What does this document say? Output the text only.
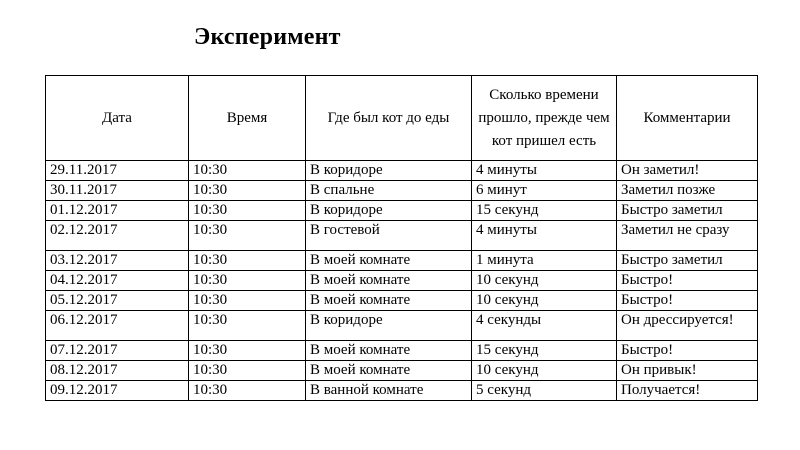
Эксперимент
Дата	Время	Где был кот до еды	Сколько времени прошло, прежде чем кот пришел есть	Комментарии
29.11.2017	10:30	В коридоре	4 минуты	Он заметил!
30.11.2017	10:30	В спальне	6 минут	Заметил позже
01.12.2017	10:30	В коридоре	15 секунд	Быстро заметил
02.12.2017	10:30	В гостевой	4 минуты	Заметил не сразу
03.12.2017	10:30	В моей комнате	1 минута	Быстро заметил
04.12.2017	10:30	В моей комнате	10 секунд	Быстро!
05.12.2017	10:30	В моей комнате	10 секунд	Быстро!
06.12.2017	10:30	В коридоре	4 секунды	Он дрессируется!
07.12.2017	10:30	В моей комнате	15 секунд	Быстро!
08.12.2017	10:30	В моей комнате	10 секунд	Он привык!
09.12.2017	10:30	В ванной комнате	5 секунд	Получается!
